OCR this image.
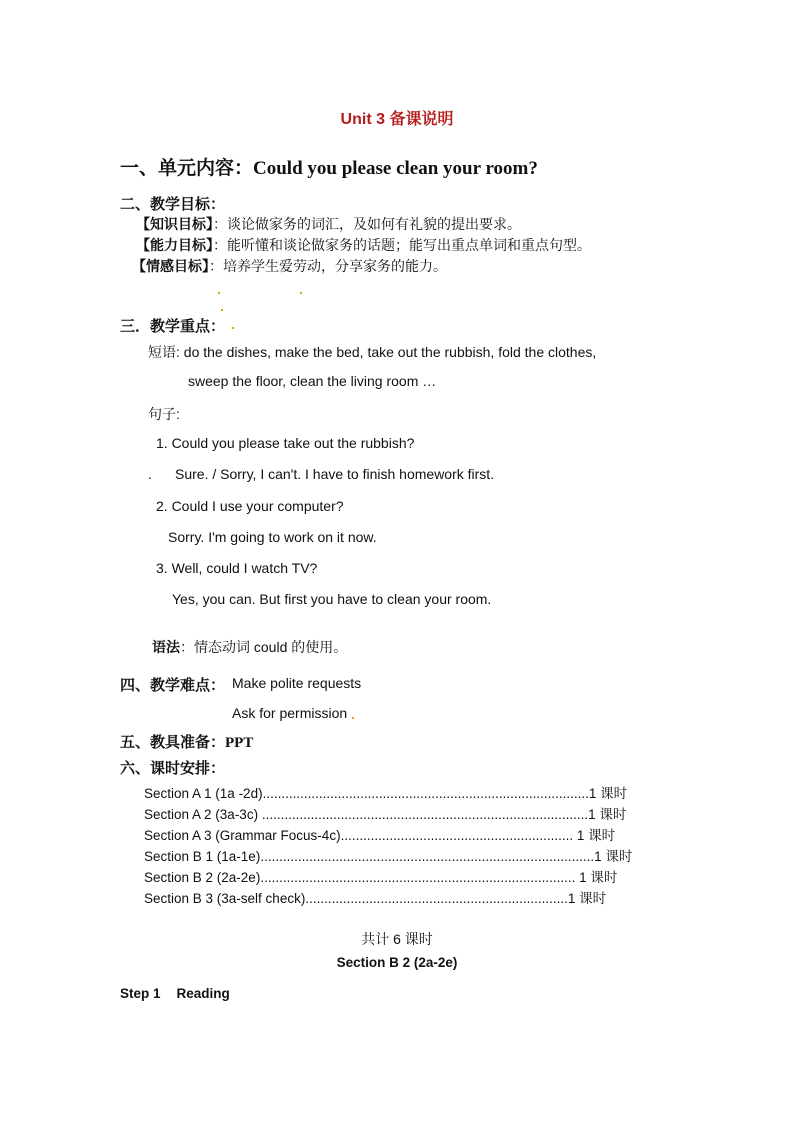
Unit 3 备课说明
一、单元内容：Could you please clean your room?
二、教学目标：
【知识目标】：谈论做家务的词汇，及如何有礼貌的提出要求。
【能力目标】：能听懂和谈论做家务的话题；能写出重点单词和重点句型。
【情感目标】：培养学生爱劳动，分享家务的能力。
三．教学重点：
短语: do the dishes, make the bed, take out the rubbish, fold the clothes,
sweep the floor, clean the living room …
句子:
1. Could you please take out the rubbish?
. Sure. / Sorry, I can't. I have to finish homework first.
2. Could I use your computer?
Sorry. I'm going to work on it now.
3. Well, could I watch TV?
Yes, you can. But first you have to clean your room.
语法：情态动词 could 的使用。
四、教学难点： Make polite requests
Ask for permission
五、教具准备：PPT
六、课时安排：
Section A 1 (1a -2d).......................................................................................1 课时
Section A 2 (3a-3c) .......................................................................................1 课时
Section A 3 (Grammar Focus-4c).............................................................. 1 课时
Section B 1 (1a-1e).........................................................................................1 课时
Section B 2 (2a-2e).................................................................................... 1 课时
Section B 3 (3a-self check)......................................................................1 课时
共计 6 课时
Section B 2 (2a-2e)
Step 1 Reading
